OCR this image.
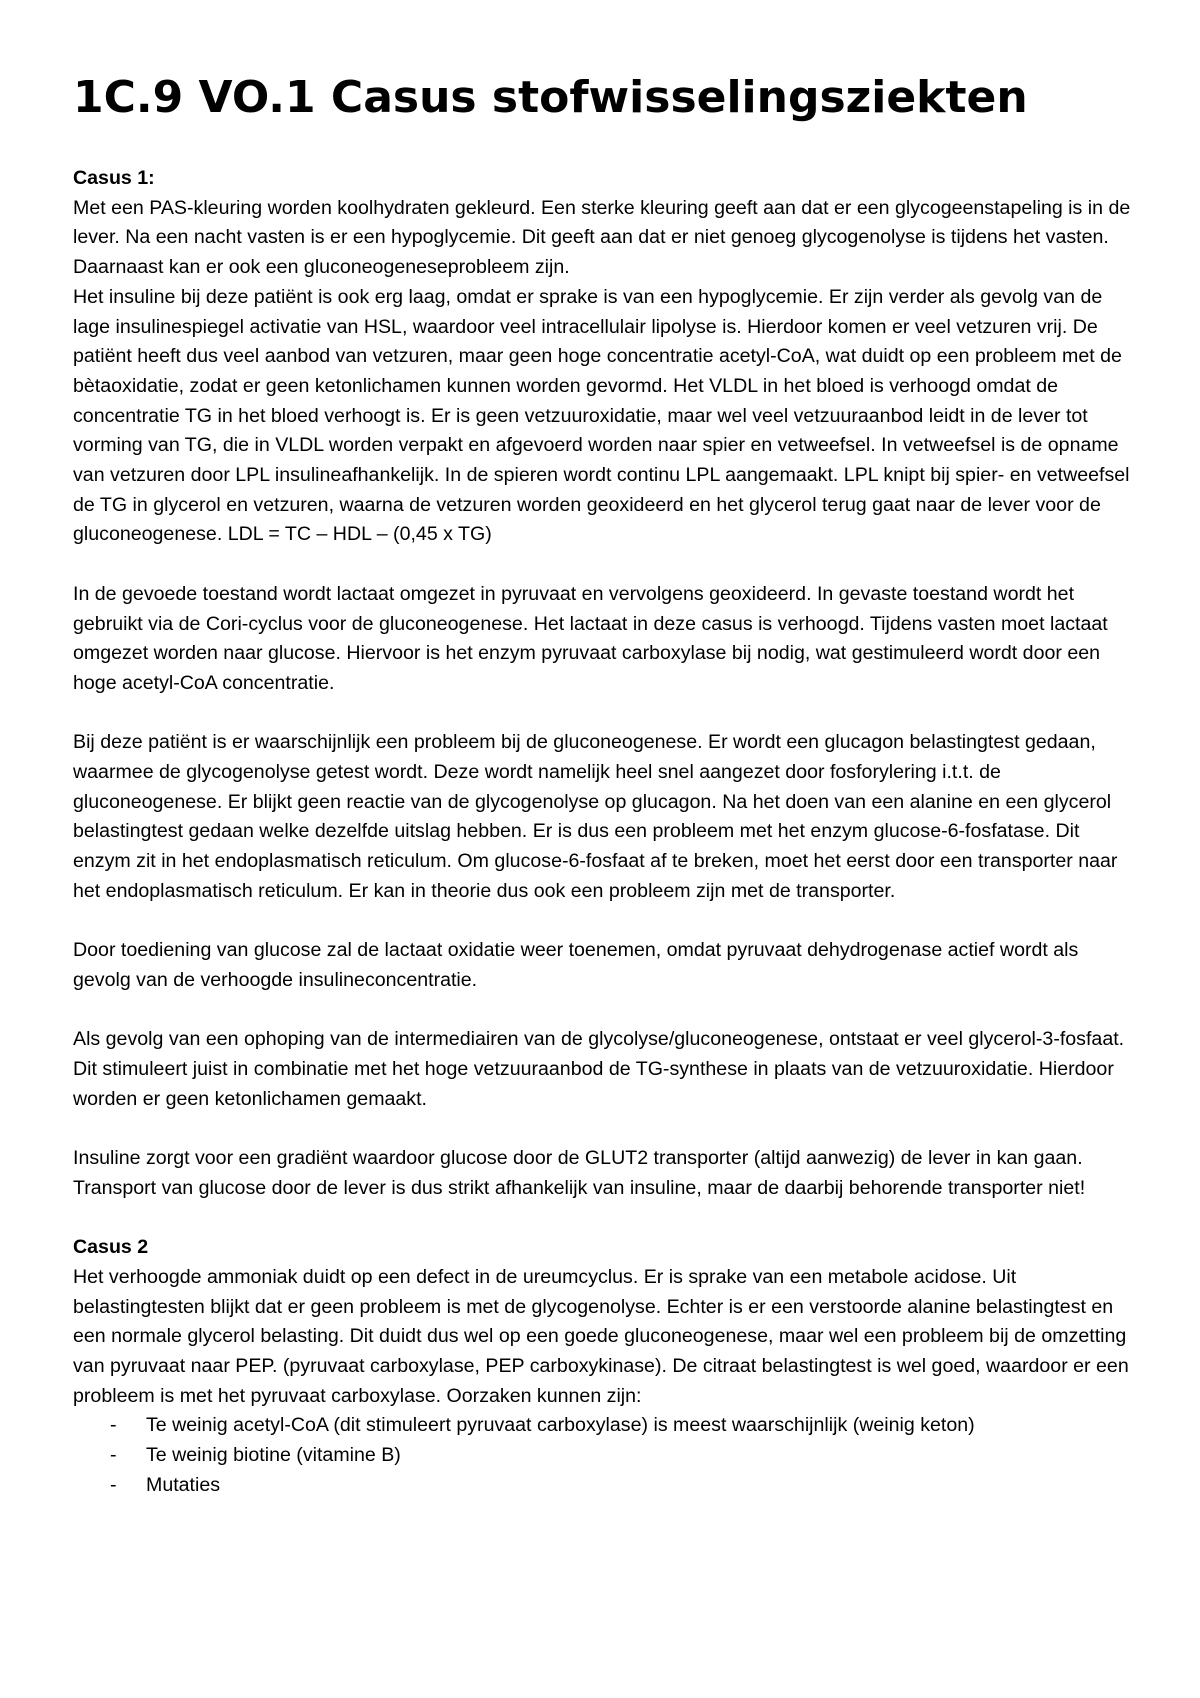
1C.9 VO.1 Casus stofwisselingsziekten
Casus 1:

Met een PAS-kleuring worden koolhydraten gekleurd. Een sterke kleuring geeft aan dat er een glycogeenstapeling is in de lever. Na een nacht vasten is er een hypoglycemie. Dit geeft aan dat er niet genoeg glycogenolyse is tijdens het vasten. Daarnaast kan er ook een gluconeogeneseprobleem zijn.

Het insuline bij deze patiënt is ook erg laag, omdat er sprake is van een hypoglycemie. Er zijn verder als gevolg van de lage insulinespiegel activatie van HSL, waardoor veel intracellulair lipolyse is. Hierdoor komen er veel vetzuren vrij. De patiënt heeft dus veel aanbod van vetzuren, maar geen hoge concentratie acetyl-CoA, wat duidt op een probleem met de bètaoxidatie, zodat er geen ketonlichamen kunnen worden gevormd. Het VLDL in het bloed is verhoogd omdat de concentratie TG in het bloed verhoogt is. Er is geen vetzuuroxidatie, maar wel veel vetzuuraanbod leidt in de lever tot vorming van TG, die in VLDL worden verpakt en afgevoerd worden naar spier en vetweefsel. In vetweefsel is de opname van vetzuren door LPL insulineafhankelijk. In de spieren wordt continu LPL aangemaakt. LPL knipt bij spier- en vetweefsel de TG in glycerol en vetzuren, waarna de vetzuren worden geoxideerd en het glycerol terug gaat naar de lever voor de gluconeogenese. LDL = TC – HDL – (0,45 x TG)

In de gevoede toestand wordt lactaat omgezet in pyruvaat en vervolgens geoxideerd. In gevaste toestand wordt het gebruikt via de Cori-cyclus voor de gluconeogenese. Het lactaat in deze casus is verhoogd. Tijdens vasten moet lactaat omgezet worden naar glucose. Hiervoor is het enzym pyruvaat carboxylase bij nodig, wat gestimuleerd wordt door een hoge acetyl-CoA concentratie.

Bij deze patiënt is er waarschijnlijk een probleem bij de gluconeogenese. Er wordt een glucagon belastingtest gedaan, waarmee de glycogenolyse getest wordt. Deze wordt namelijk heel snel aangezet door fosforylering i.t.t. de gluconeogenese. Er blijkt geen reactie van de glycogenolyse op glucagon. Na het doen van een alanine en een glycerol belastingtest gedaan welke dezelfde uitslag hebben. Er is dus een probleem met het enzym glucose-6-fosfatase. Dit enzym zit in het endoplasmatisch reticulum. Om glucose-6-fosfaat af te breken, moet het eerst door een transporter naar het endoplasmatisch reticulum. Er kan in theorie dus ook een probleem zijn met de transporter.

Door toediening van glucose zal de lactaat oxidatie weer toenemen, omdat pyruvaat dehydrogenase actief wordt als gevolg van de verhoogde insulineconcentratie.

Als gevolg van een ophoping van de intermediairen van de glycolyse/gluconeogenese, ontstaat er veel glycerol-3-fosfaat. Dit stimuleert juist in combinatie met het hoge vetzuuraanbod de TG-synthese in plaats van de vetzuuroxidatie. Hierdoor worden er geen ketonlichamen gemaakt.

Insuline zorgt voor een gradiënt waardoor glucose door de GLUT2 transporter (altijd aanwezig) de lever in kan gaan. Transport van glucose door de lever is dus strikt afhankelijk van insuline, maar de daarbij behorende transporter niet!

Casus 2

Het verhoogde ammoniak duidt op een defect in de ureumcyclus. Er is sprake van een metabole acidose. Uit belastingtesten blijkt dat er geen probleem is met de glycogenolyse. Echter is er een verstoorde alanine belastingtest en een normale glycerol belasting. Dit duidt dus wel op een goede gluconeogenese, maar wel een probleem bij de omzetting van pyruvaat naar PEP. (pyruvaat carboxylase, PEP carboxykinase). De citraat belastingtest is wel goed, waardoor er een probleem is met het pyruvaat carboxylase. Oorzaken kunnen zijn:

- Te weinig acetyl-CoA (dit stimuleert pyruvaat carboxylase) is meest waarschijnlijk (weinig keton)
- Te weinig biotine (vitamine B)
- Mutaties
